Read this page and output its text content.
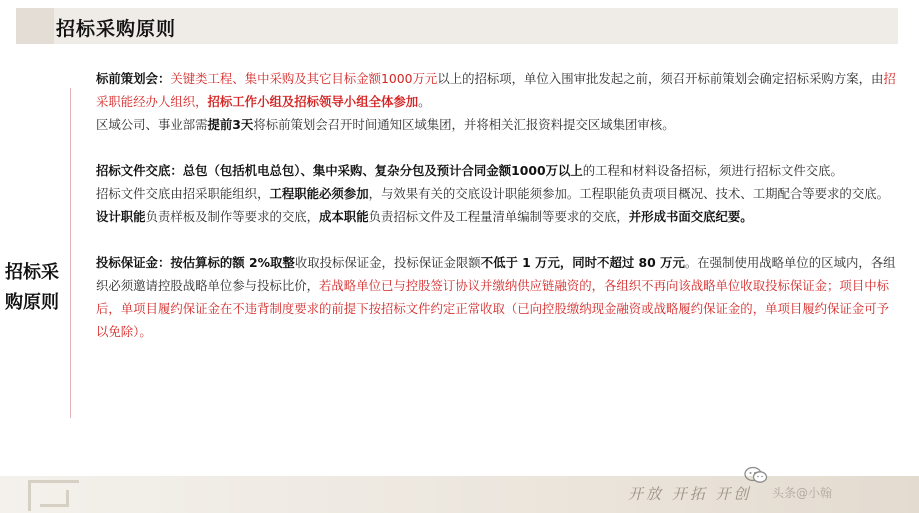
招标采购原则
招标采
购原则

标前策划会：关键类工程、集中采购及其它目标金额1000万元以上的招标项，单位入围审批发起之前，须召开标前策划会确定招标采购方案，由招采职能经办人组织，招标工作小组及招标领导小组全体参加。

区域公司、事业部需提前3天将标前策划会召开时间通知区域集团，并将相关汇报资料提交区域集团审核。

招标文件交底：总包（包括机电总包）、集中采购、复杂分包及预计合同金额1000万以上的工程和材料设备招标，须进行招标文件交底。

招标文件交底由招采职能组织，工程职能必须参加，与效果有关的交底设计职能须参加。工程职能负责项目概况、技术、工期配合等要求的交底。设计职能负责样板及制作等要求的交底，成本职能负责招标文件及工程量清单编制等要求的交底，并形成书面交底纪要。

投标保证金：按估算标的额 2%取整收取投标保证金，投标保证金限额不低于 1 万元，同时不超过 80 万元。在强制使用战略单位的区域内，各组织必须邀请控股战略单位参与投标比价，若战略单位已与控股签订协议并缴纳供应链融资的，各组织不再向该战略单位收取投标保证金；项目中标后，单项目履约保证金在不违背制度要求的前提下按招标文件约定正常收取（已向控股缴纳现金融资或战略履约保证金的，单项目履约保证金可予以免除）。

开放 开拓 开创 头条@小翰
